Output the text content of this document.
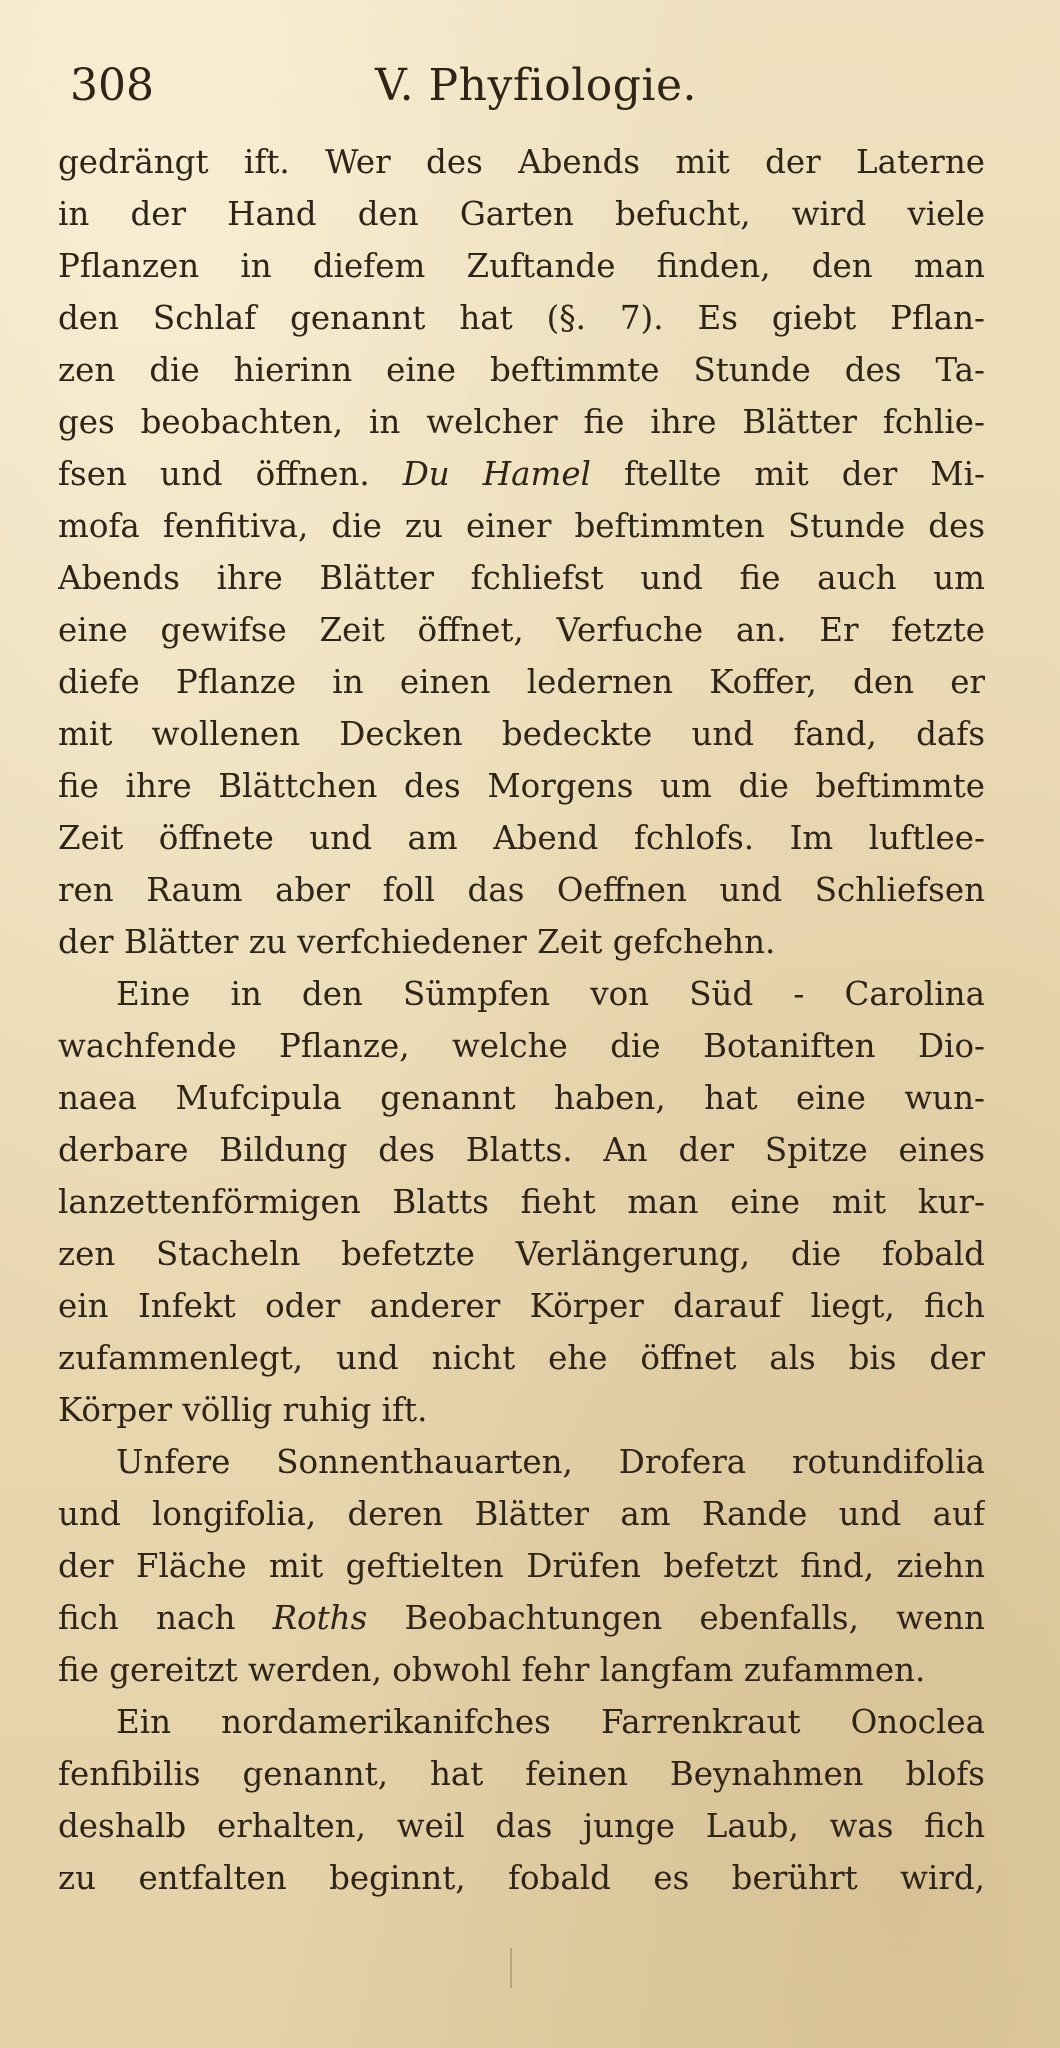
308	V. Phyfiologie.
gedrängt ift. Wer des Abends mit der Laterne
in der Hand den Garten befucht, wird viele
Pflanzen in diefem Zuftande finden, den man
den Schlaf genannt hat (§. 7). Es giebt Pflan-
zen die hierinn eine beftimmte Stunde des Ta-
ges beobachten, in welcher fie ihre Blätter fchlie-
fsen und öffnen. Du Hamel ftellte mit der Mi-
mofa fenfitiva, die zu einer beftimmten Stunde des
Abends ihre Blätter fchliefst und fie auch um
eine gewifse Zeit öffnet, Verfuche an. Er fetzte
diefe Pflanze in einen ledernen Koffer, den er
mit wollenen Decken bedeckte und fand, dafs
fie ihre Blättchen des Morgens um die beftimmte
Zeit öffnete und am Abend fchlofs. Im luftlee-
ren Raum aber foll das Oeffnen und Schliefsen
der Blätter zu verfchiedener Zeit gefchehn.
Eine in den Sümpfen von Süd - Carolina
wachfende Pflanze, welche die Botaniften Dio-
naea Mufcipula genannt haben, hat eine wun-
derbare Bildung des Blatts. An der Spitze eines
lanzettenförmigen Blatts fieht man eine mit kur-
zen Stacheln befetzte Verlängerung, die fobald
ein Infekt oder anderer Körper darauf liegt, fich
zufammenlegt, und nicht ehe öffnet als bis der
Körper völlig ruhig ift.
Unfere Sonnenthauarten, Drofera rotundifolia
und longifolia, deren Blätter am Rande und auf
der Fläche mit geftielten Drüfen befetzt find, ziehn
fich nach Roths Beobachtungen ebenfalls, wenn
fie gereitzt werden, obwohl fehr langfam zufammen.
Ein nordamerikanifches Farrenkraut Onoclea
fenfibilis genannt, hat feinen Beynahmen blofs
deshalb erhalten, weil das junge Laub, was fich
zu entfalten beginnt, fobald es berührt wird,
